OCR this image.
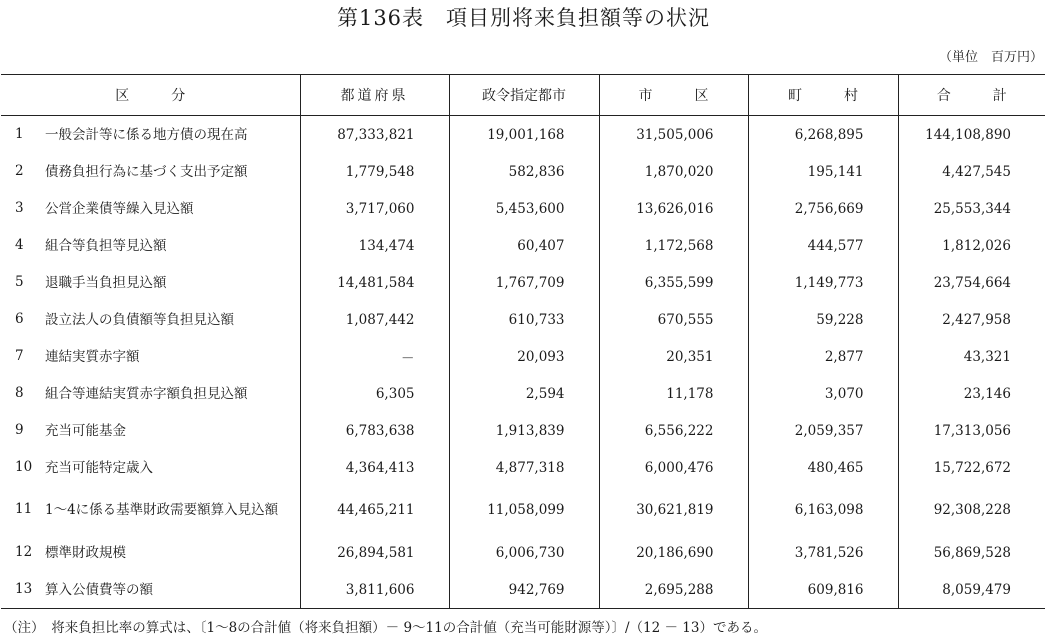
第136表　項目別将来負担額等の状況
（単位　百万円）
区　　　分	都道府県	政令指定都市	市　　　区	町　　　村	合　　　計

1 一般会計等に係る地方債の現在高	87,333,821	19,001,168	31,505,006	6,268,895	144,108,890

2 債務負担行為に基づく支出予定額	1,779,548	582,836	1,870,020	195,141	4,427,545

3 公営企業債等繰入見込額	3,717,060	5,453,600	13,626,016	2,756,669	25,553,344

4 組合等負担等見込額	134,474	60,407	1,172,568	444,577	1,812,026

5 退職手当負担見込額	14,481,584	1,767,709	6,355,599	1,149,773	23,754,664

6 設立法人の負債額等負担見込額	1,087,442	610,733	670,555	59,228	2,427,958

7 連結実質赤字額	－	20,093	20,351	2,877	43,321

8 組合等連結実質赤字額負担見込額	6,305	2,594	11,178	3,070	23,146

9 充当可能基金	6,783,638	1,913,839	6,556,222	2,059,357	17,313,056

10 充当可能特定歳入	4,364,413	4,877,318	6,000,476	480,465	15,722,672

11 1～4に係る基準財政需要額算入見込額	44,465,211	11,058,099	30,621,819	6,163,098	92,308,228

12 標準財政規模	26,894,581	6,006,730	20,186,690	3,781,526	56,869,528

13 算入公債費等の額	3,811,606	942,769	2,695,288	609,816	8,059,479
（注）　将来負担比率の算式は、〔1～8の合計値（将来負担額）－ 9～11の合計値（充当可能財源等）〕/（12 － 13）である。
